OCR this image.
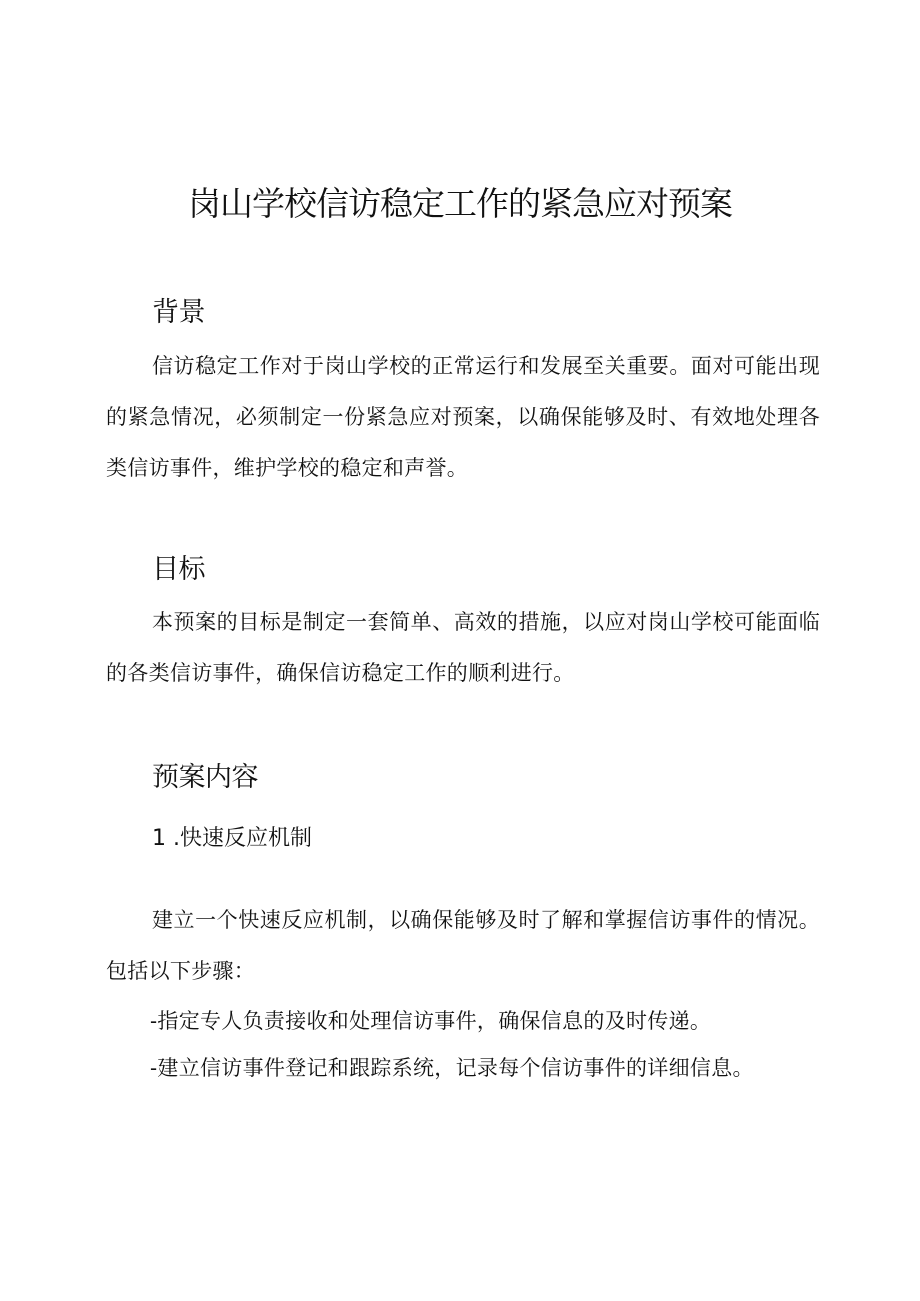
岗山学校信访稳定工作的紧急应对预案
背景

信访稳定工作对于岗山学校的正常运行和发展至关重要。面对可能出现的紧急情况，必须制定一份紧急应对预案，以确保能够及时、有效地处理各类信访事件，维护学校的稳定和声誉。

目标

本预案的目标是制定一套简单、高效的措施，以应对岗山学校可能面临的各类信访事件，确保信访稳定工作的顺利进行。

预案内容
1 .快速反应机制

建立一个快速反应机制，以确保能够及时了解和掌握信访事件的情况。包括以下步骤：

-指定专人负责接收和处理信访事件，确保信息的及时传递。

-建立信访事件登记和跟踪系统，记录每个信访事件的详细信息。
